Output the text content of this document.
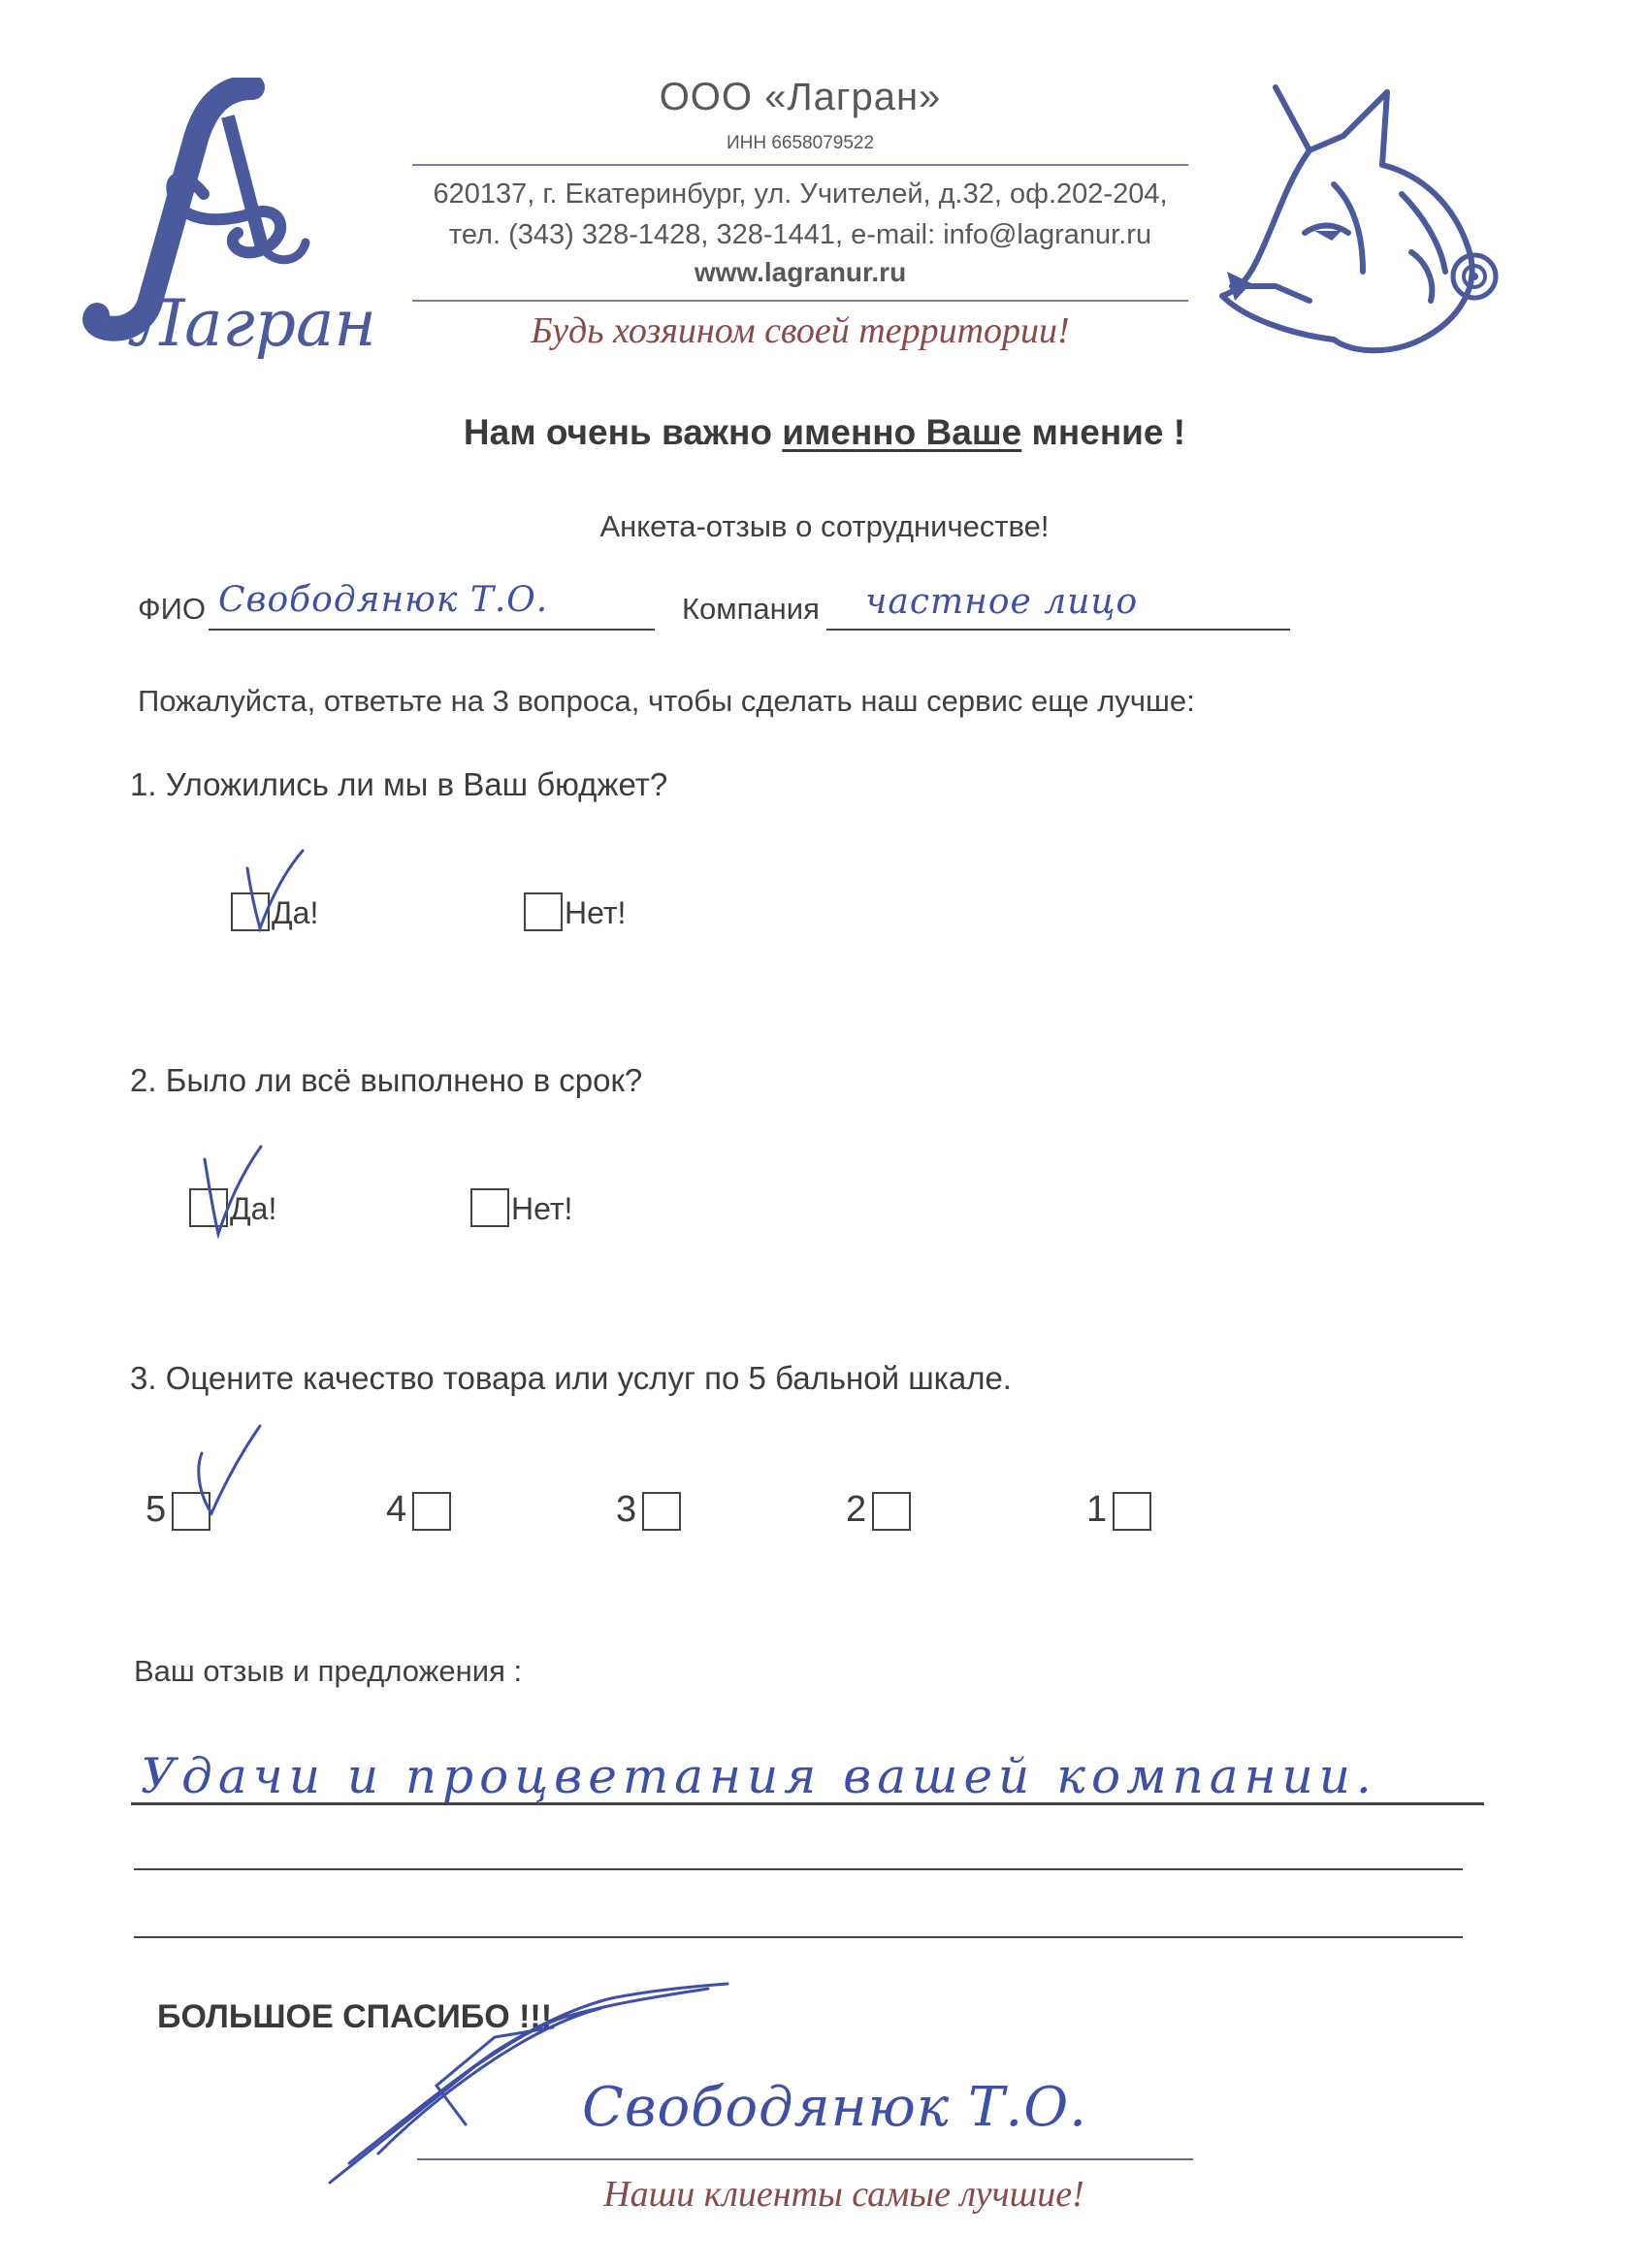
Лагран
ООО «Лагран»
ИНН 6658079522
620137, г. Екатеринбург, ул. Учителей, д.32, оф.202-204,
тел. (343) 328-1428, 328-1441, e-mail: info@lagranur.ru
www.lagranur.ru
Будь хозяином своей территории!
Нам очень важно именно Ваше мнение !
Анкета-отзыв о сотрудничестве!
ФИО Свободянюк Т.О.	Компания частное лицо
Пожалуйста, ответьте на 3 вопроса, чтобы сделать наш сервис еще лучше:
1. Уложились ли мы в Ваш бюджет?
Да!	Нет!
2. Было ли всё выполнено в срок?
Да!	Нет!
3. Оцените качество товара или услуг по 5 бальной шкале.
5	4	3	2	1
Ваш отзыв и предложения :
Удачи и процветания вашей компании.
БОЛЬШОЕ СПАСИБО !!!
Свободянюк Т.О.
Наши клиенты самые лучшие!
